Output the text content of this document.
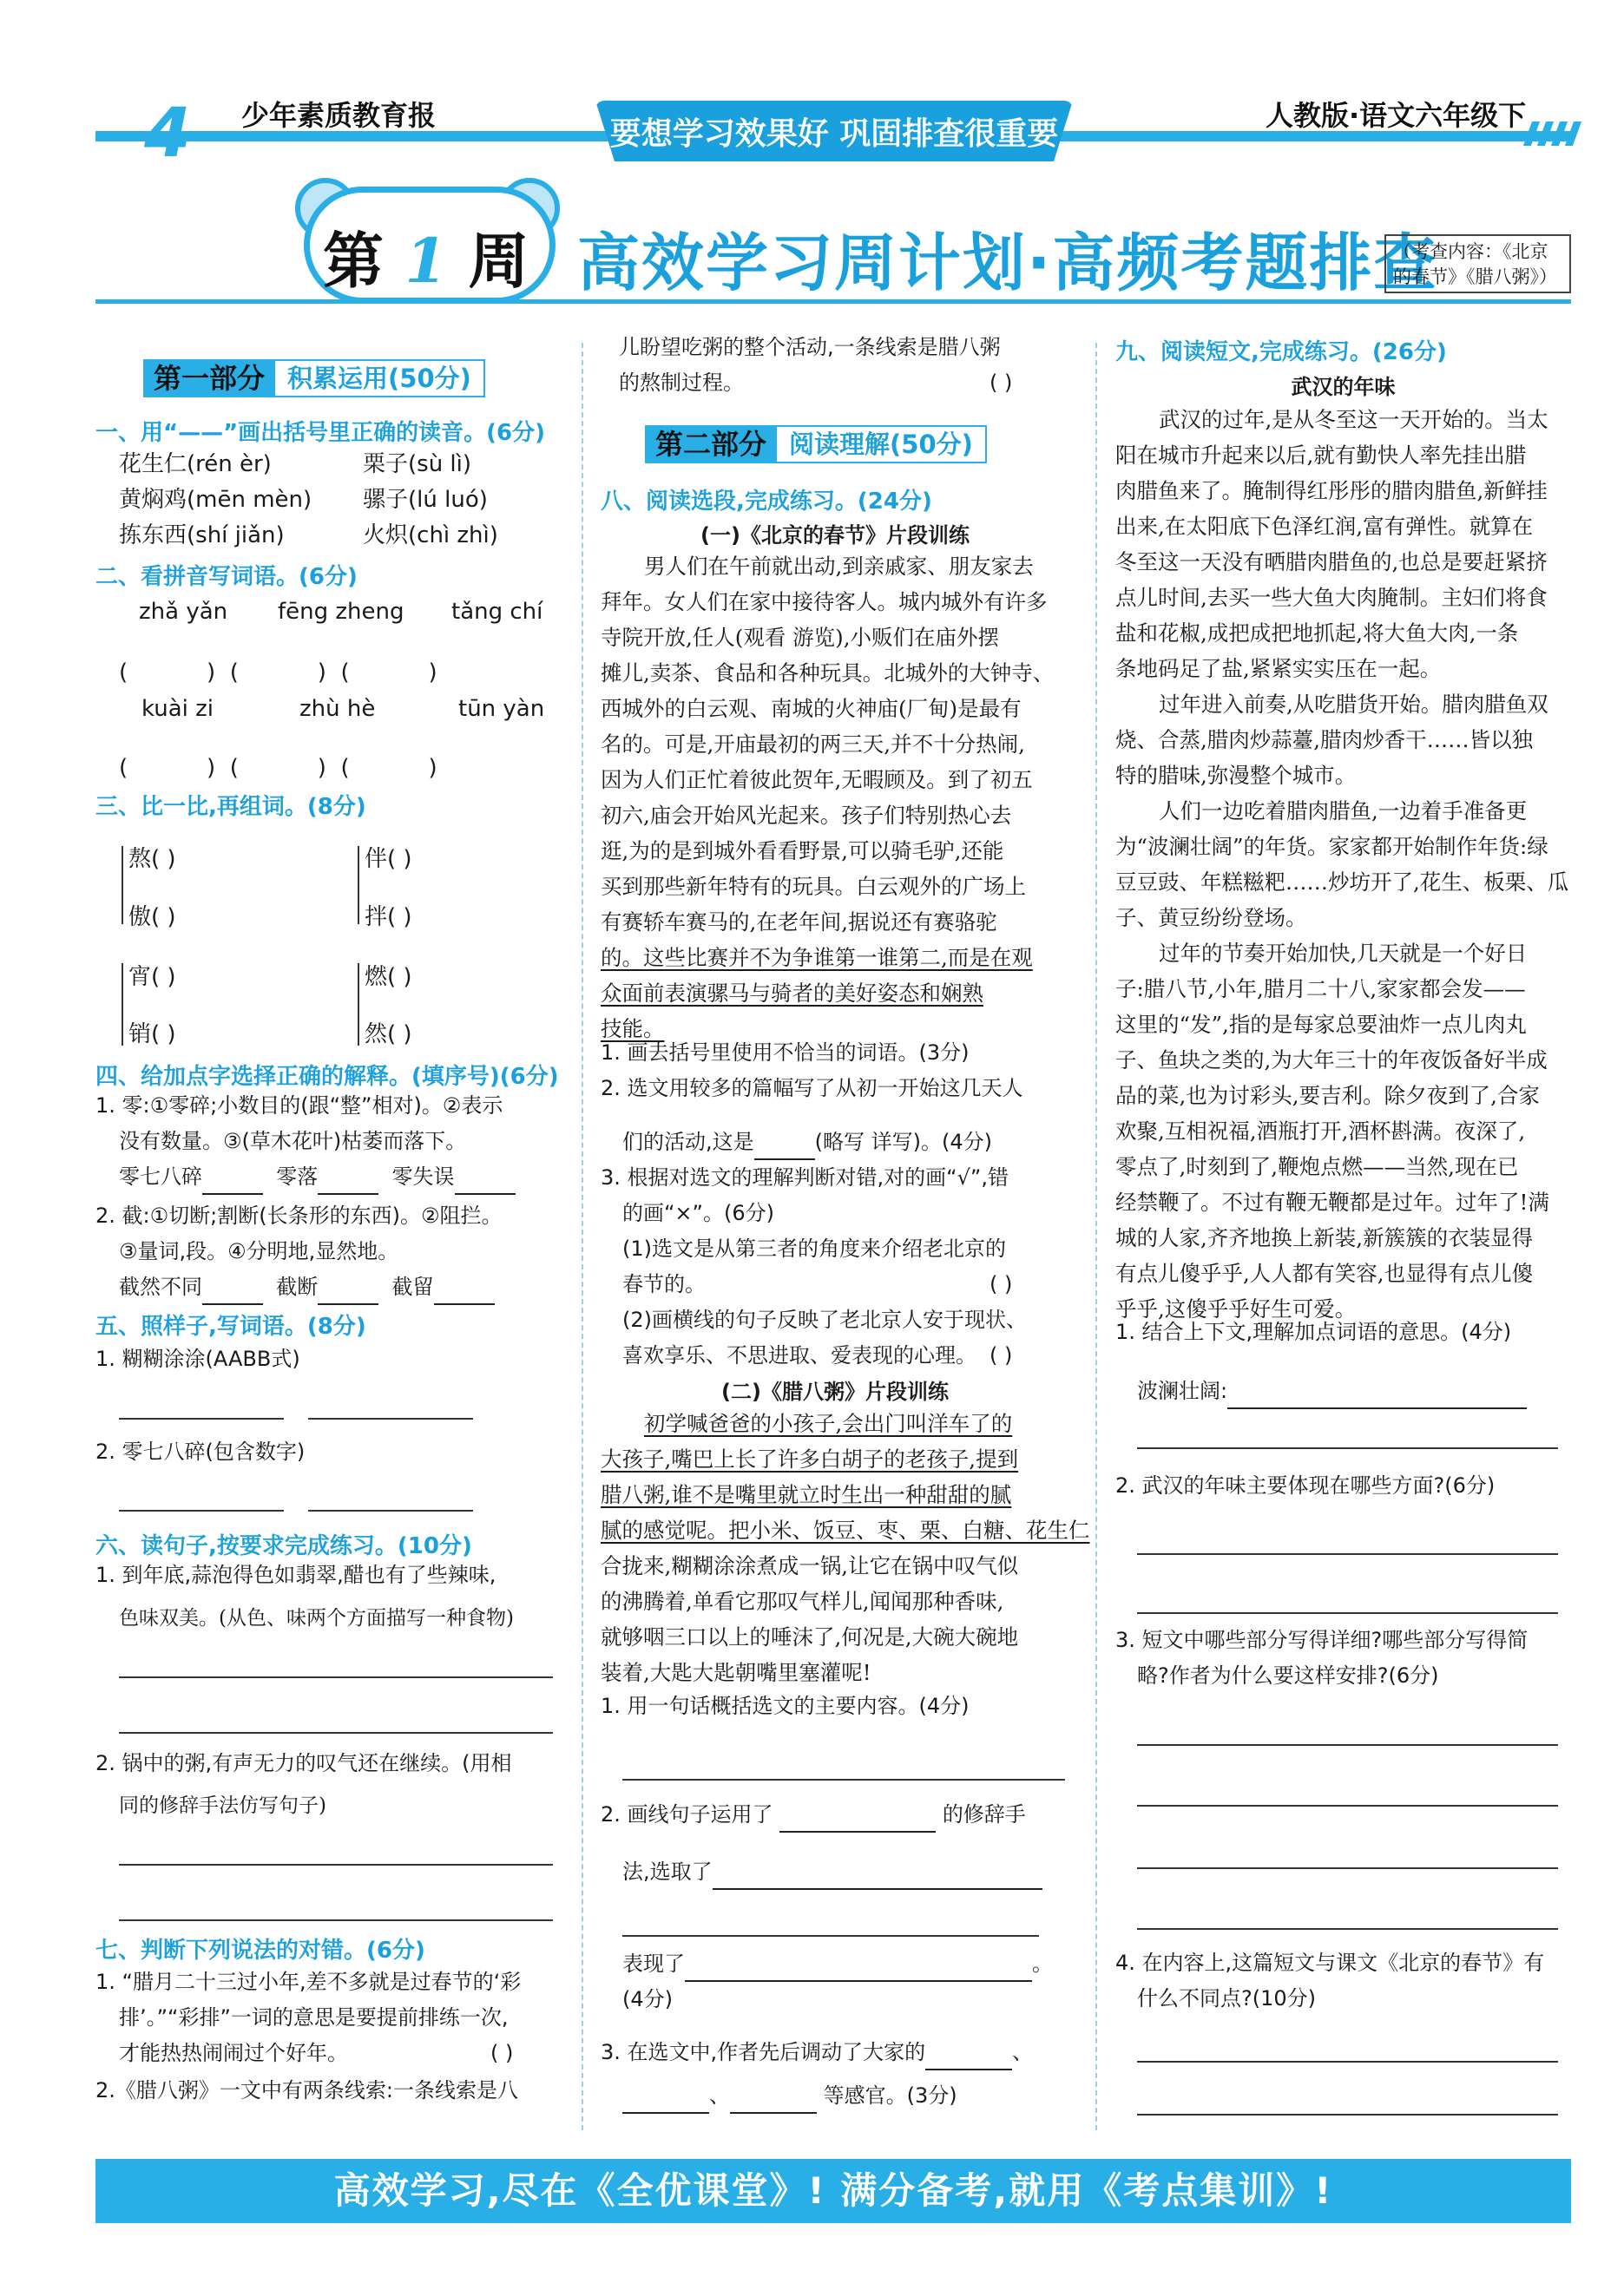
4 少年素质教育报
要想学习效果好 巩固排查很重要
人教版·语文六年级下
第 1 周 高效学习周计划·高频考题排查
（考查内容：《北京的春节》《腊八粥》）
第一部分 积累运用(50分)
一、用“——”画出括号里正确的读音。(6分)
花生仁(rén èr)	栗子(sù lì)
黄焖鸡(mēn mèn) 骡子(lú luó)
拣东西(shí jiǎn)	火炽(chì zhì)
二、看拼音写词语。(6分)
zhǎ yǎn fēng zheng tǎng chí
(           )  (           )  (           )
kuài zi	zhù hè	tūn yàn
(           )  (           )  (           )
三、比一比,再组词。(8分)
熬( )	伴( )
傲( )	拌( )
宵( )	燃( )
销( )	然( )
四、给加点字选择正确的解释。(填序号)(6分)
1. 零:①零碎;小数目的(跟“整”相对)。②表示
没有数量。③(草木花叶)枯萎而落下。
零七八碎	零落	零失误
2. 截:①切断;割断(长条形的东西)。②阻拦。
③量词,段。④分明地,显然地。
截然不同	截断	截留
五、照样子,写词语。(8分)
1. 糊糊涂涂(AABB式)
2. 零七八碎(包含数字)
六、读句子,按要求完成练习。(10分)
1. 到年底,蒜泡得色如翡翠,醋也有了些辣味,
色味双美。(从色、味两个方面描写一种食物)
2. 锅中的粥,有声无力的叹气还在继续。(用相
同的修辞手法仿写句子)
七、判断下列说法的对错。(6分)
1. “腊月二十三过小年,差不多就是过春节的‘彩
排’。”“彩排”一词的意思是要提前排练一次,
才能热热闹闹过个好年。	( )
2.《腊八粥》一文中有两条线索:一条线索是八
儿盼望吃粥的整个活动,一条线索是腊八粥
的熬制过程。	( )
第二部分 阅读理解(50分)
八、阅读选段,完成练习。(24分)
(一)《北京的春节》片段训练
男人们在午前就出动,到亲戚家、朋友家去
拜年。女人们在家中接待客人。城内城外有许多
寺院开放,任人(观看 游览),小贩们在庙外摆
摊儿,卖茶、食品和各种玩具。北城外的大钟寺、
西城外的白云观、南城的火神庙(厂甸)是最有
名的。可是,开庙最初的两三天,并不十分热闹,
因为人们正忙着彼此贺年,无暇顾及。到了初五
初六,庙会开始风光起来。孩子们特别热心去
逛,为的是到城外看看野景,可以骑毛驴,还能
买到那些新年特有的玩具。白云观外的广场上
有赛轿车赛马的,在老年间,据说还有赛骆驼
的。这些比赛并不为争谁第一谁第二,而是在观
众面前表演骡马与骑者的美好姿态和娴熟
技能。
1. 画去括号里使用不恰当的词语。(3分)
2. 选文用较多的篇幅写了从初一开始这几天人
们的活动,这是	(略写 详写)。(4分)
3. 根据对选文的理解判断对错,对的画“√”,错
的画“×”。(6分)
(1)选文是从第三者的角度来介绍老北京的
春节的。	( )
(2)画横线的句子反映了老北京人安于现状、
喜欢享乐、不思进取、爱表现的心理。 ( )
(二)《腊八粥》片段训练
初学喊爸爸的小孩子,会出门叫洋车了的
大孩子,嘴巴上长了许多白胡子的老孩子,提到
腊八粥,谁不是嘴里就立时生出一种甜甜的腻
腻的感觉呢。把小米、饭豆、枣、栗、白糖、花生仁
合拢来,糊糊涂涂煮成一锅,让它在锅中叹气似
的沸腾着,单看它那叹气样儿,闻闻那种香味,
就够咽三口以上的唾沫了,何况是,大碗大碗地
装着,大匙大匙朝嘴里塞灌呢!
1. 用一句话概括选文的主要内容。(4分)
2. 画线句子运用了	的修辞手
法,选取了
表现了	。
(4分)
3. 在选文中,作者先后调动了大家的	、
、	等感官。(3分)
九、阅读短文,完成练习。(26分)
武汉的年味
武汉的过年,是从冬至这一天开始的。当太
阳在城市升起来以后,就有勤快人率先挂出腊
肉腊鱼来了。腌制得红彤彤的腊肉腊鱼,新鲜挂
出来,在太阳底下色泽红润,富有弹性。就算在
冬至这一天没有晒腊肉腊鱼的,也总是要赶紧挤
点儿时间,去买一些大鱼大肉腌制。主妇们将食
盐和花椒,成把成把地抓起,将大鱼大肉,一条
条地码足了盐,紧紧实实压在一起。
过年进入前奏,从吃腊货开始。腊肉腊鱼双
烧、合蒸,腊肉炒蒜薹,腊肉炒香干……皆以独
特的腊味,弥漫整个城市。
人们一边吃着腊肉腊鱼,一边着手准备更
为“波澜壮阔”的年货。家家都开始制作年货:绿
豆豆豉、年糕糍粑……炒坊开了,花生、板栗、瓜
子、黄豆纷纷登场。
过年的节奏开始加快,几天就是一个好日
子:腊八节,小年,腊月二十八,家家都会发——
这里的“发”,指的是每家总要油炸一点儿肉丸
子、鱼块之类的,为大年三十的年夜饭备好半成
品的菜,也为讨彩头,要吉利。除夕夜到了,合家
欢聚,互相祝福,酒瓶打开,酒杯斟满。夜深了,
零点了,时刻到了,鞭炮点燃——当然,现在已
经禁鞭了。不过有鞭无鞭都是过年。过年了!满
城的人家,齐齐地换上新装,新簇簇的衣装显得
有点儿傻乎乎,人人都有笑容,也显得有点儿傻
乎乎,这傻乎乎好生可爱。
1. 结合上下文,理解加点词语的意思。(4分)
波澜壮阔:
2. 武汉的年味主要体现在哪些方面?(6分)
3. 短文中哪些部分写得详细?哪些部分写得简
略?作者为什么要这样安排?(6分)
4. 在内容上,这篇短文与课文《北京的春节》有
什么不同点?(10分)
高效学习,尽在《全优课堂》! 满分备考,就用《考点集训》!
